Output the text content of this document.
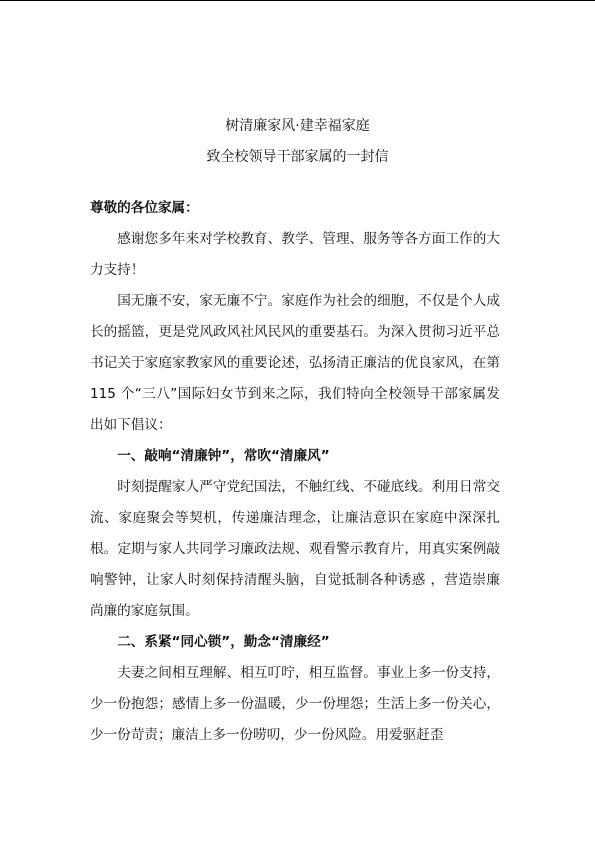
树清廉家风·建幸福家庭
致全校领导干部家属的一封信

尊敬的各位家属：

感谢您多年来对学校教育、教学、管理、服务等各方面工作的大力支持！

国无廉不安，家无廉不宁。家庭作为社会的细胞，不仅是个人成长的摇篮，更是党风政风社风民风的重要基石。为深入贯彻习近平总书记关于家庭家教家风的重要论述，弘扬清正廉洁的优良家风，在第 115 个“三八”国际妇女节到来之际，我们特向全校领导干部家属发出如下倡议：

一、敲响“清廉钟”，常吹“清廉风”

时刻提醒家人严守党纪国法，不触红线、不碰底线。利用日常交流、家庭聚会等契机，传递廉洁理念，让廉洁意识在家庭中深深扎根。定期与家人共同学习廉政法规、观看警示教育片，用真实案例敲响警钟，让家人时刻保持清醒头脑，自觉抵制各种诱惑 ，营造崇廉尚廉的家庭氛围。

二、系紧“同心锁”，勤念“清廉经”

夫妻之间相互理解、相互叮咛，相互监督。事业上多一份支持，少一份抱怨；感情上多一份温暖，少一份埋怨；生活上多一份关心，少一份苛责；廉洁上多一份唠叨，少一份风险。用爱驱赶歪
